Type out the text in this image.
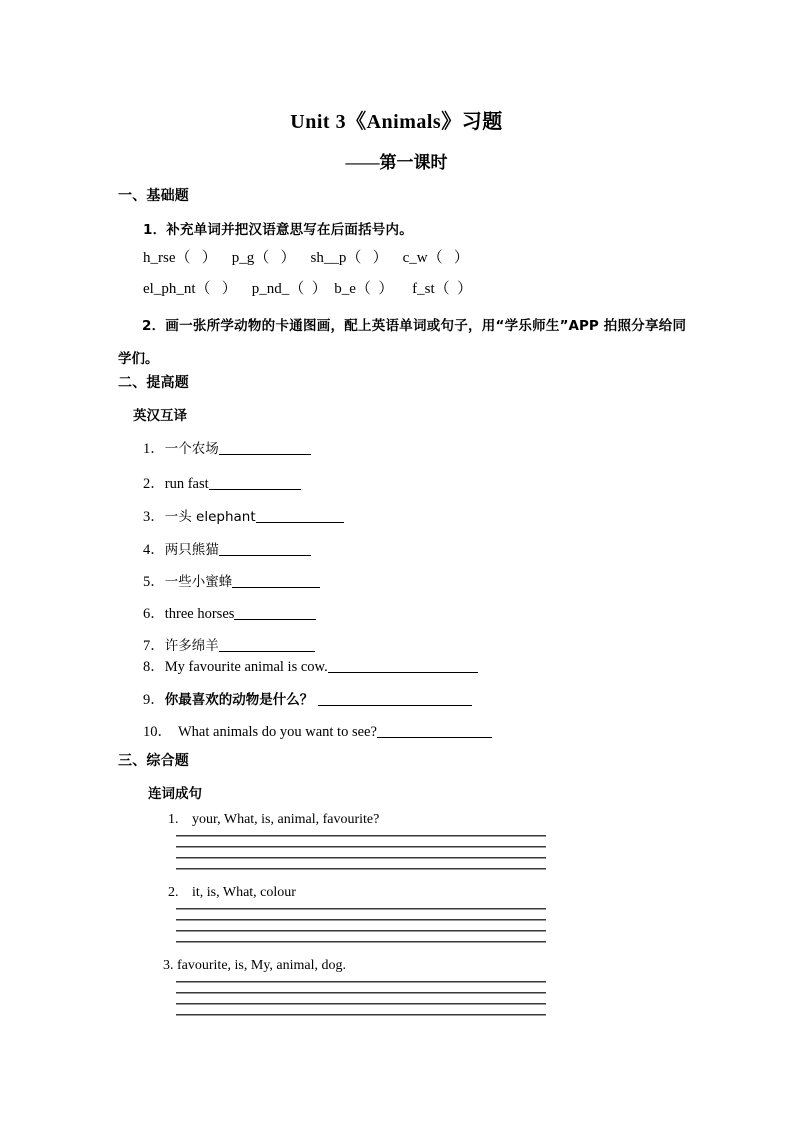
Unit 3《Animals》习题
——第一课时
一、基础题
1．补充单词并把汉语意思写在后面括号内。
h_rse（   ）    p_g（   ）    sh__p（   ）    c_w（   ）
el_ph_nt（   ）    p_nd_（  ）  b_e（  ）     f_st（  ）
2．画一张所学动物的卡通图画，配上英语单词或句子，用“学乐师生”APP 拍照分享给同学们。
二、提高题
英汉互译
1．一个农场
2．run fast
3．一头 elephant
4．两只熊猫
5．一些小蜜蜂
6．three horses
7．许多绵羊
8．My favourite animal is cow.
9．你最喜欢的动物是什么？
10． What animals do you want to see?
三、综合题
连词成句
1. your, What, is, animal, favourite?
2. it, is, What, colour
3. favourite, is, My, animal, dog.
